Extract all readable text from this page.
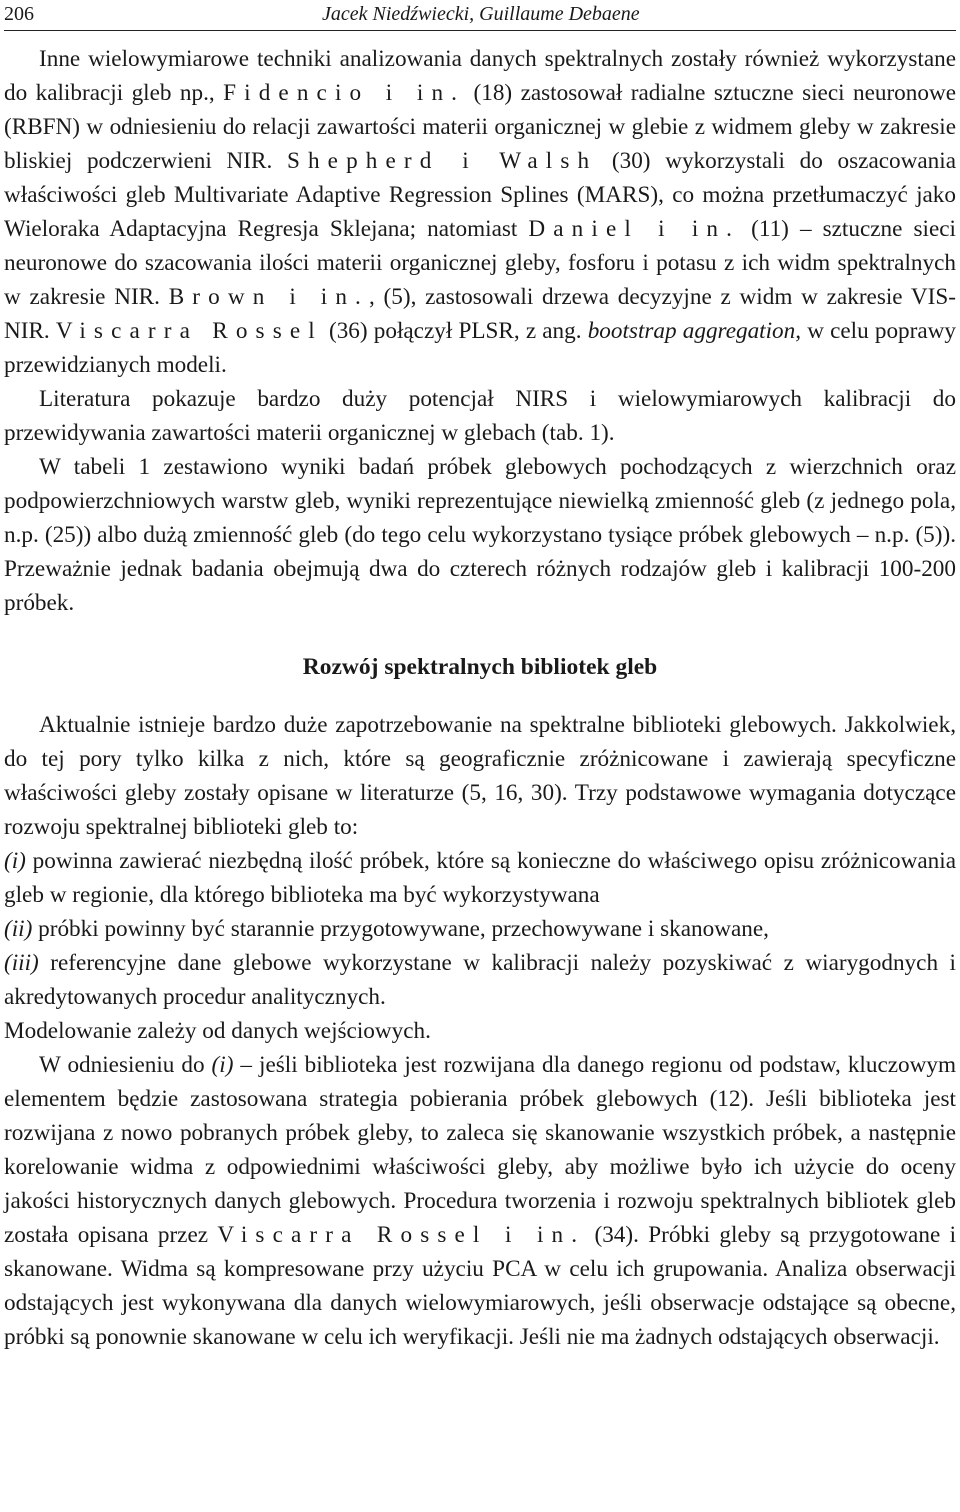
206	Jacek Niedźwiecki, Guillaume Debaene

Inne wielowymiarowe techniki analizowania danych spektralnych zostały również wykorzystane do kalibracji gleb np., Fidencio i in. (18) zastosował radialne sztuczne sieci neuronowe (RBFN) w odniesieniu do relacji zawartości materii organicznej w glebie z widmem gleby w zakresie bliskiej podczerwieni NIR. Shepherd i Walsh (30) wykorzystali do oszacowania właściwości gleb Multivariate Adaptive Regression Splines (MARS), co można przetłumaczyć jako Wieloraka Adaptacyjna Regresja Sklejana; natomiast Daniel i in. (11) – sztuczne sieci neuronowe do szacowania ilości materii organicznej gleby, fosforu i potasu z ich widm spektralnych w zakresie NIR. Brown i in., (5), zastosowali drzewa decyzyjne z widm w zakresie VIS-NIR. Viscarra Rossel (36) połączył PLSR, z ang. bootstrap aggregation, w celu poprawy przewidzianych modeli.

Literatura pokazuje bardzo duży potencjał NIRS i wielowymiarowych kalibracji do przewidywania zawartości materii organicznej w glebach (tab. 1).

W tabeli 1 zestawiono wyniki badań próbek glebowych pochodzących z wierzchnich oraz podpowierzchniowych warstw gleb, wyniki reprezentujące niewielką zmienność gleb (z jednego pola, n.p. (25)) albo dużą zmienność gleb (do tego celu wykorzystano tysiące próbek glebowych – n.p. (5)). Przeważnie jednak badania obejmują dwa do czterech różnych rodzajów gleb i kalibracji 100-200 próbek.

Rozwój spektralnych bibliotek gleb

Aktualnie istnieje bardzo duże zapotrzebowanie na spektralne biblioteki glebowych. Jakkolwiek, do tej pory tylko kilka z nich, które są geograficznie zróżnicowane i zawierają specyficzne właściwości gleby zostały opisane w literaturze (5, 16, 30). Trzy podstawowe wymagania dotyczące rozwoju spektralnej biblioteki gleb to:

(i) powinna zawierać niezbędną ilość próbek, które są konieczne do właściwego opisu zróżnicowania gleb w regionie, dla którego biblioteka ma być wykorzystywana

(ii) próbki powinny być starannie przygotowywane, przechowywane i skanowane,

(iii) referencyjne dane glebowe wykorzystane w kalibracji należy pozyskiwać z wiarygodnych i akredytowanych procedur analitycznych.

Modelowanie zależy od danych wejściowych.

W odniesieniu do (i) – jeśli biblioteka jest rozwijana dla danego regionu od podstaw, kluczowym elementem będzie zastosowana strategia pobierania próbek glebowych (12). Jeśli biblioteka jest rozwijana z nowo pobranych próbek gleby, to zaleca się skanowanie wszystkich próbek, a następnie korelowanie widma z odpowiednimi właściwości gleby, aby możliwe było ich użycie do oceny jakości historycznych danych glebowych. Procedura tworzenia i rozwoju spektralnych bibliotek gleb została opisana przez Viscarra Rossel i in. (34). Próbki gleby są przygotowane i skanowane. Widma są kompresowane przy użyciu PCA w celu ich grupowania. Analiza obserwacji odstających jest wykonywana dla danych wielowymiarowych, jeśli obserwacje odstające są obecne, próbki są ponownie skanowane w celu ich weryfikacji. Jeśli nie ma żadnych odstających obserwacji.
